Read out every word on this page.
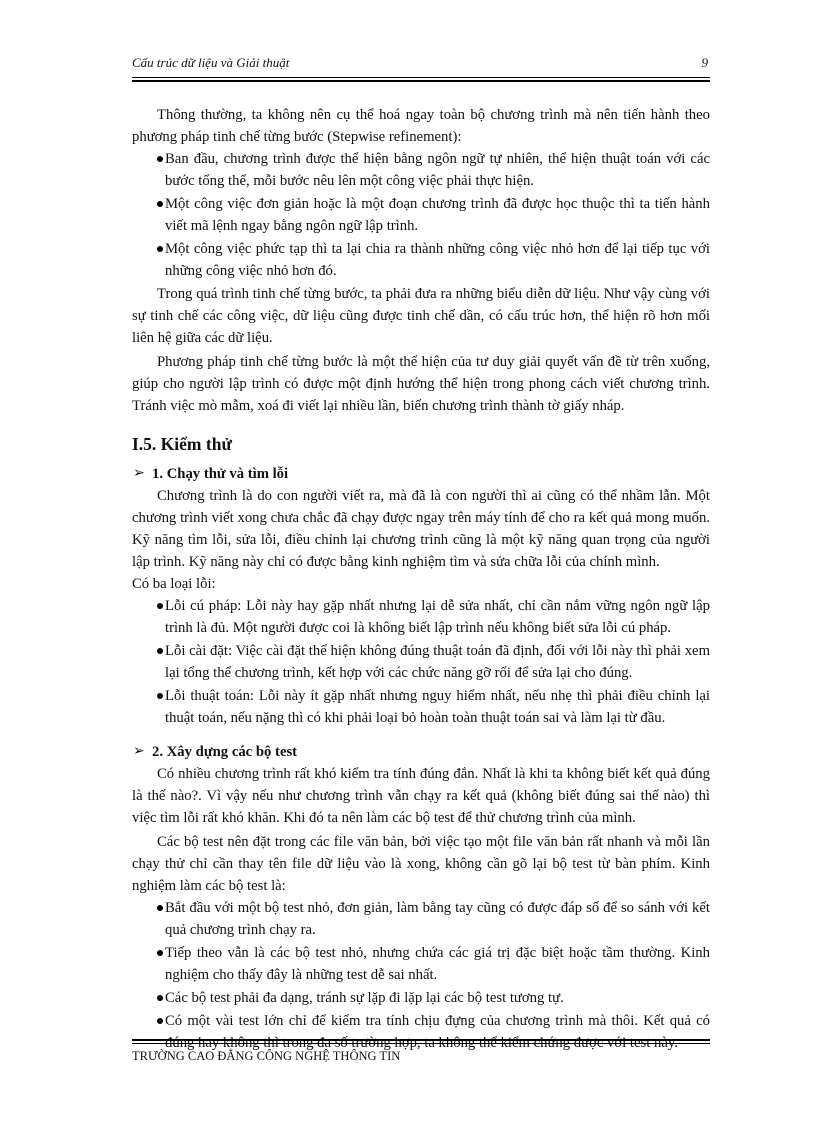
Cấu trúc dữ liệu và Giải thuật	9

Thông thường, ta không nên cụ thể hoá ngay toàn bộ chương trình mà nên tiến hành theo phương pháp tinh chế từng bước (Stepwise refinement):

Ban đầu, chương trình được thể hiện bằng ngôn ngữ tự nhiên, thể hiện thuật toán với các bước tổng thể, mỗi bước nêu lên một công việc phải thực hiện.
Một công việc đơn giản hoặc là một đoạn chương trình đã được học thuộc thì ta tiến hành viết mã lệnh ngay bằng ngôn ngữ lập trình.
Một công việc phức tạp thì ta lại chia ra thành những công việc nhỏ hơn để lại tiếp tục với những công việc nhỏ hơn đó.

Trong quá trình tinh chế từng bước, ta phải đưa ra những biểu diễn dữ liệu. Như vậy cùng với sự tinh chế các công việc, dữ liệu cũng được tinh chế dần, có cấu trúc hơn, thể hiện rõ hơn mối liên hệ giữa các dữ liệu.

Phương pháp tinh chế từng bước là một thể hiện của tư duy giải quyết vấn đề từ trên xuống, giúp cho người lập trình có được một định hướng thể hiện trong phong cách viết chương trình. Tránh việc mò mẫm, xoá đi viết lại nhiều lần, biến chương trình thành tờ giấy nháp.

I.5. Kiểm thử
➢ 1. Chạy thử và tìm lỗi

Chương trình là do con người viết ra, mà đã là con người thì ai cũng có thể nhầm lẫn. Một chương trình viết xong chưa chắc đã chạy được ngay trên máy tính để cho ra kết quả mong muốn. Kỹ năng tìm lỗi, sửa lỗi, điều chỉnh lại chương trình cũng là một kỹ năng quan trọng của người lập trình. Kỹ năng này chỉ có được bằng kinh nghiệm tìm và sửa chữa lỗi của chính mình.

Có ba loại lỗi:

Lỗi cú pháp: Lỗi này hay gặp nhất nhưng lại dễ sửa nhất, chỉ cần nắm vững ngôn ngữ lập trình là đủ. Một người được coi là không biết lập trình nếu không biết sửa lỗi cú pháp.
Lỗi cài đặt: Việc cài đặt thể hiện không đúng thuật toán đã định, đối với lỗi này thì phải xem lại tổng thể chương trình, kết hợp với các chức năng gỡ rối để sửa lại cho đúng.
Lỗi thuật toán: Lỗi này ít gặp nhất nhưng nguy hiểm nhất, nếu nhẹ thì phải điều chỉnh lại thuật toán, nếu nặng thì có khi phải loại bỏ hoàn toàn thuật toán sai và làm lại từ đầu.
➢ 2. Xây dựng các bộ test

Có nhiều chương trình rất khó kiểm tra tính đúng đắn. Nhất là khi ta không biết kết quả đúng là thế nào?. Vì vậy nếu như chương trình vẫn chạy ra kết quả (không biết đúng sai thế nào) thì việc tìm lỗi rất khó khăn. Khi đó ta nên làm các bộ test để thử chương trình của mình.

Các bộ test nên đặt trong các file văn bản, bởi việc tạo một file văn bản rất nhanh và mỗi lần chạy thử chỉ cần thay tên file dữ liệu vào là xong, không cần gõ lại bộ test từ bàn phím. Kinh nghiệm làm các bộ test là:

Bắt đầu với một bộ test nhỏ, đơn giản, làm bằng tay cũng có được đáp số để so sánh với kết quả chương trình chạy ra.
Tiếp theo vẫn là các bộ test nhỏ, nhưng chứa các giá trị đặc biệt hoặc tầm thường. Kinh nghiệm cho thấy đây là những test dễ sai nhất.
Các bộ test phải đa dạng, tránh sự lặp đi lặp lại các bộ test tương tự.
Có một vài test lớn chỉ để kiểm tra tính chịu đựng của chương trình mà thôi. Kết quả có đúng hay không thì trong đa số trường hợp, ta không thể kiểm chứng được với test này.
TRƯỜNG CAO ĐẲNG CÔNG NGHỆ THÔNG TIN
